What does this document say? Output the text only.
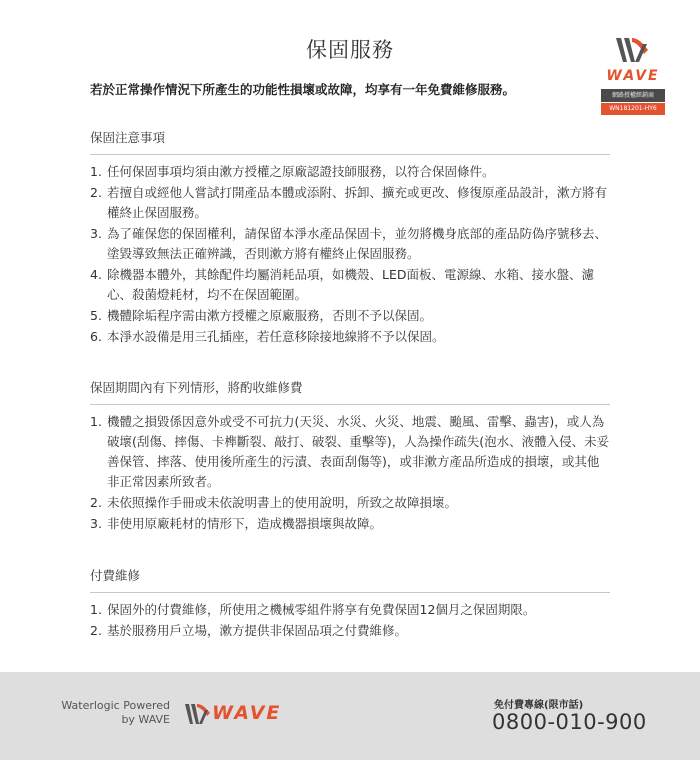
保固服務
WAVE
網路授權經銷商
WN181201-HY6
若於正常操作情況下所產生的功能性損壞或故障，均享有一年免費維修服務。
保固注意事項
1. 任何保固事項均須由漱方授權之原廠認證技師服務，以符合保固條件。
2. 若擅自或經他人嘗試打開產品本體或添附、拆卸、擴充或更改、修復原產品設計，漱方將有權終止保固服務。
3. 為了確保您的保固權利，請保留本淨水產品保固卡，並勿將機身底部的產品防偽序號移去、塗毀導致無法正確辨識，否則漱方將有權終止保固服務。
4. 除機器本體外，其餘配件均屬消耗品項，如機殼、LED面板、電源線、水箱、接水盤、濾心、殺菌燈耗材，均不在保固範圍。
5. 機體除垢程序需由漱方授權之原廠服務，否則不予以保固。
6. 本淨水設備是用三孔插座，若任意移除接地線將不予以保固。
保固期間內有下列情形，將酌收維修費
1. 機體之損毀係因意外或受不可抗力(天災、水災、火災、地震、颱風、雷擊、蟲害)，或人為破壞(刮傷、摔傷、卡榫斷裂、敲打、破裂、重擊等)，人為操作疏失(泡水、液體入侵、未妥善保管、摔落、使用後所產生的污漬、表面刮傷等)，或非漱方產品所造成的損壞，或其他非正常因素所致者。
2. 未依照操作手冊或未依說明書上的使用說明，所致之故障損壞。
3. 非使用原廠耗材的情形下，造成機器損壞與故障。
付費維修
1. 保固外的付費維修，所使用之機械零組件將享有免費保固12個月之保固期限。
2. 基於服務用戶立場，漱方提供非保固品項之付費維修。
Waterlogic Powered
by WAVE WAVE	免付費專線(限市話)
0800-010-900
